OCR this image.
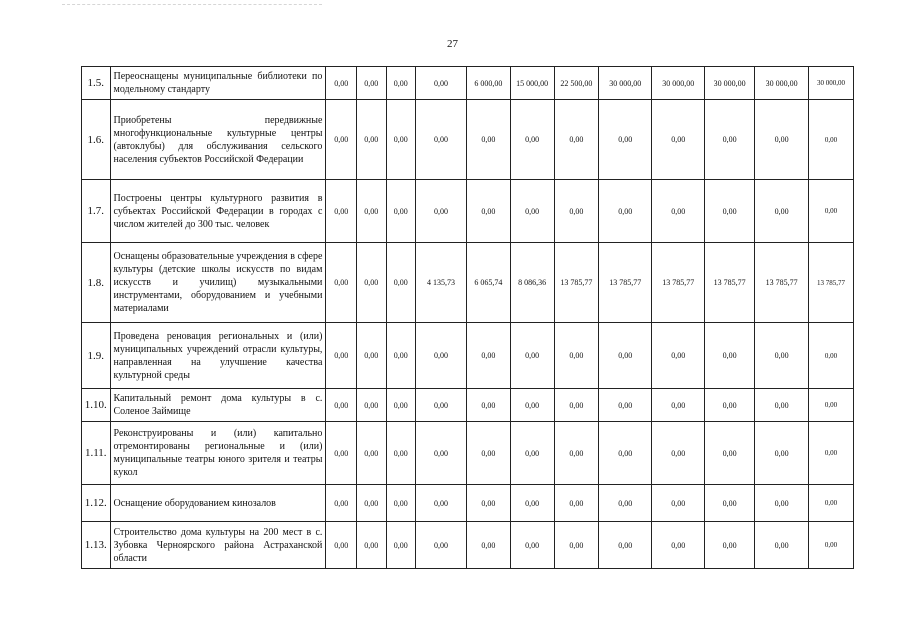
27
1.5.	Переоснащены муниципальные библиотеки по модельному стандарту	0,00	0,00	0,00	0,00	6 000,00	15 000,00	22 500,00	30 000,00	30 000,00	30 000,00	30 000,00	30 000,00
1.6.	Приобретены передвижные многофункциональные культурные центры (автоклубы) для обслуживания сельского населения субъектов Российской Федерации	0,00	0,00	0,00	0,00	0,00	0,00	0,00	0,00	0,00	0,00	0,00	0,00
1.7.	Построены центры культурного развития в субъектах Российской Федерации в городах с числом жителей до 300 тыс. человек	0,00	0,00	0,00	0,00	0,00	0,00	0,00	0,00	0,00	0,00	0,00	0,00
1.8.	Оснащены образовательные учреждения в сфере культуры (детские школы искусств по видам искусств и училищ) музыкальными инструментами, оборудованием и учебными материалами	0,00	0,00	0,00	4 135,73	6 065,74	8 086,36	13 785,77	13 785,77	13 785,77	13 785,77	13 785,77	13 785,77
1.9.	Проведена реновация региональных и (или) муниципальных учреждений отрасли культуры, направленная на улучшение качества культурной среды	0,00	0,00	0,00	0,00	0,00	0,00	0,00	0,00	0,00	0,00	0,00	0,00
1.10.	Капитальный ремонт дома культуры в с. Соленое Займище	0,00	0,00	0,00	0,00	0,00	0,00	0,00	0,00	0,00	0,00	0,00	0,00
1.11.	Реконструированы и (или) капитально отремонтированы региональные и (или) муниципальные театры юного зрителя и театры кукол	0,00	0,00	0,00	0,00	0,00	0,00	0,00	0,00	0,00	0,00	0,00	0,00
1.12.	Оснащение оборудованием кинозалов	0,00	0,00	0,00	0,00	0,00	0,00	0,00	0,00	0,00	0,00	0,00	0,00
1.13.	Строительство дома культуры на 200 мест в с. Зубовка Черноярского района Астраханской области	0,00	0,00	0,00	0,00	0,00	0,00	0,00	0,00	0,00	0,00	0,00	0,00
